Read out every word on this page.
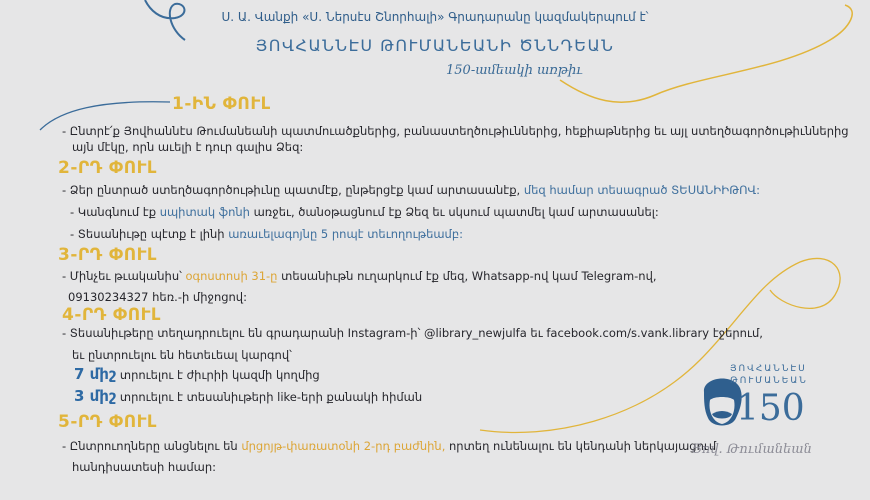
Ս. Ա. Վանքի «Ս. Ներսէս Շնորհալի» Գրադարանը կազմակերպում է՝
ՅՈՎՀԱՆՆԷՍ ԹՈՒՄԱՆԵԱՆԻ ԾՆՆԴԵԱՆ
150-ամեակի առթիւ
1-ԻՆ ՓՈՒԼ
- Ընտրէ՛ք Յովհաննէս Թումանեանի պատմուածքներից, բանաստեղծութիւններից, հեքիաթներից եւ այլ ստեղծագործութիւններից
այն մէկը, որն աւելի է դուր գալիս Ձեզ:
2-ՐԴ ՓՈՒԼ
- Ձեր ընտրած ստեղծագործութիւնը պատմէք, ընթերցէք կամ արտասանէք, մեզ համար տեսագրած ՏԵՍԱՆԻԻԹՈՎ:
- Կանգնում էք սպիտակ ֆոնի առջեւ, ծանօթացնում էք Ձեզ եւ սկսում պատմել կամ արտասանել:
- Տեսանիւթը պէտք է լինի առաւելագոյնը 5 րոպէ տեւողութեամբ:
3-ՐԴ ՓՈՒԼ
- Մինչեւ թւականիս՝ օգոստոսի 31-ը տեսանիւթն ուղարկում էք մեզ, Whatsapp-ով կամ Telegram-ով,
09130234327 հեռ.-ի միջոցով:
4-ՐԴ ՓՈՒԼ
- Տեսանիւթերը տեղադրուելու են գրադարանի Instagram-ի՝ @library_newjulfa եւ facebook.com/s.vank.library էջերում,
եւ ընտրուելու են հետեւեալ կարգով՝
7 միշ տրուելու է ժիւրիի կազմի կողմից
3 միշ տրուելու է տեսանիւթերի like-երի քանակի հիման
5-ՐԴ ՓՈՒԼ
- Ընտրուողները անցնելու են մրցոյթ-փառատօնի 2-րդ բաժնին, որտեղ ունենալու են կենդանի ներկայացում
հանդիսատեսի համար:
ՅՈՎՀԱՆՆԷՍ
ԹՈՒՄԱՆԵԱՆ
150
Յով. Թումանեան
